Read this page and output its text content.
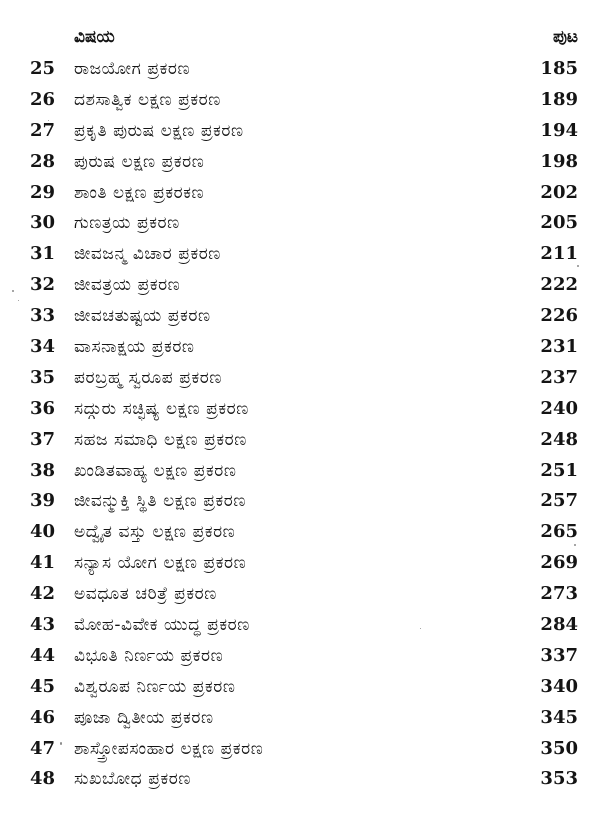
ವಿಷಯ	ಪುಟ
25 ರಾಜಯೋಗ ಪ್ರಕರಣ	185
26 ದಶಸಾತ್ವಿಕ ಲಕ್ಷಣ ಪ್ರಕರಣ	189
27 ಪ್ರಕೃತಿ ಪುರುಷ ಲಕ್ಷಣ ಪ್ರಕರಣ	194
28 ಪುರುಷ ಲಕ್ಷಣ ಪ್ರಕರಣ	198
29 ಶಾಂತಿ ಲಕ್ಷಣ ಪ್ರಕರಕಣ	202
30 ಗುಣತ್ರಯ ಪ್ರಕರಣ	205
31 ಜೀವಜನ್ಮ ವಿಚಾರ ಪ್ರಕರಣ	211
32 ಜೀವತ್ರಯ ಪ್ರಕರಣ	222
33 ಜೀವಚತುಷ್ಟಯ ಪ್ರಕರಣ	226
34 ವಾಸನಾಕ್ಷಯ ಪ್ರಕರಣ	231
35 ಪರಬ್ರಹ್ಮ ಸ್ವರೂಪ ಪ್ರಕರಣ	237
36 ಸದ್ಗುರು ಸಚ್ಛಿಷ್ಯ ಲಕ್ಷಣ ಪ್ರಕರಣ	240
37 ಸಹಜ ಸಮಾಧಿ ಲಕ್ಷಣ ಪ್ರಕರಣ	248
38 ಖಂಡಿತವಾಹ್ಯ ಲಕ್ಷಣ ಪ್ರಕರಣ	251
39 ಜೀವನ್ಮುಕ್ತಿ ಸ್ಥಿತಿ ಲಕ್ಷಣ ಪ್ರಕರಣ	257
40 ಅದ್ವೈತ ವಸ್ತು ಲಕ್ಷಣ ಪ್ರಕರಣ	265
41 ಸನ್ಯಾಸ ಯೋಗ ಲಕ್ಷಣ ಪ್ರಕರಣ	269
42 ಅವಧೂತ ಚರಿತ್ರೆ ಪ್ರಕರಣ	273
43 ಮೋಹ-ವಿವೇಕ ಯುದ್ಧ ಪ್ರಕರಣ	284
44 ವಿಭೂತಿ ನಿರ್ಣಯ ಪ್ರಕರಣ	337
45 ವಿಶ್ವರೂಪ ನಿರ್ಣಯ ಪ್ರಕರಣ	340
46 ಪೂಜಾ ದ್ವಿತೀಯ ಪ್ರಕರಣ	345
47 ಶಾಸ್ತ್ರೋಪಸಂಹಾರ ಲಕ್ಷಣ ಪ್ರಕರಣ	350
48 ಸುಖಬೋಧ ಪ್ರಕರಣ	353
